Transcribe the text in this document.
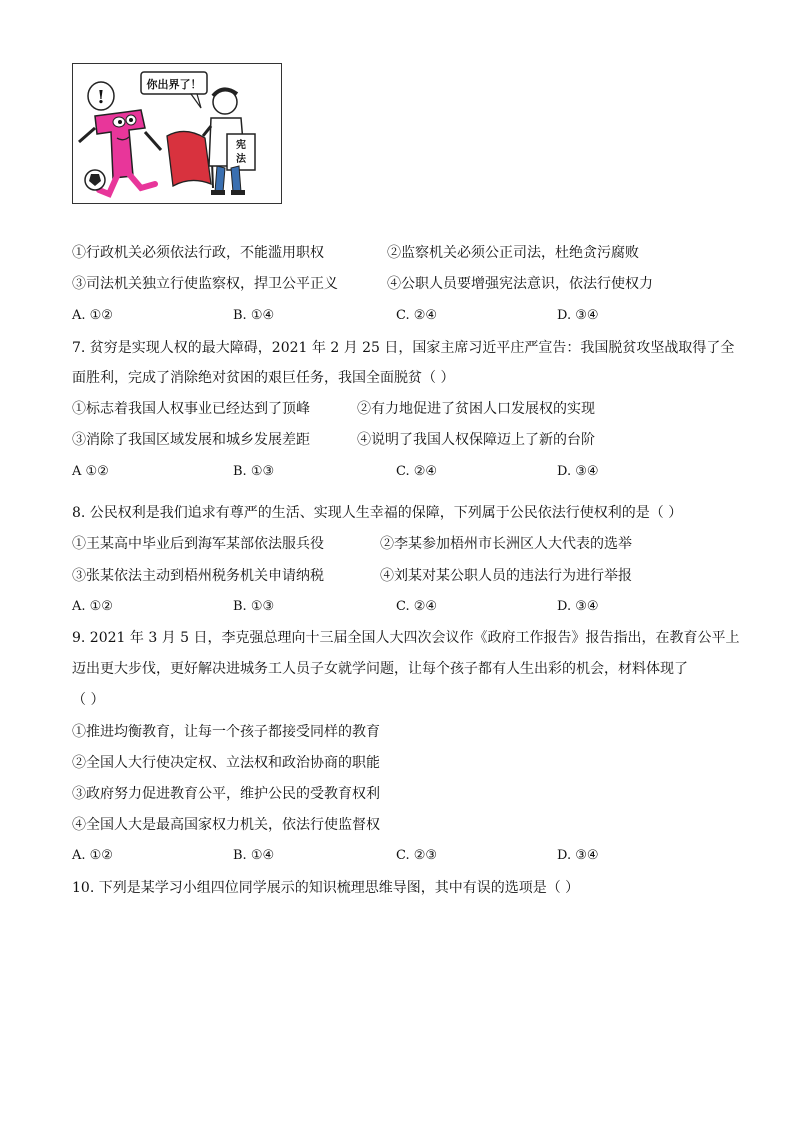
!
你出界了！
宪
法
①行政机关必须依法行政，不能滥用职权	②监察机关必须公正司法，杜绝贪污腐败
③司法机关独立行使监察权，捍卫公平正义	④公职人员要增强宪法意识，依法行使权力
A. ①②	B. ①④	C. ②④	D. ③④
7. 贫穷是实现人权的最大障碍，2021 年 2 月 25 日，国家主席习近平庄严宣告：我国脱贫攻坚战取得了全
面胜利，完成了消除绝对贫困的艰巨任务，我国全面脱贫（ ）
①标志着我国人权事业已经达到了顶峰	②有力地促进了贫困人口发展权的实现
③消除了我国区域发展和城乡发展差距	④说明了我国人权保障迈上了新的台阶
A ①②	B. ①③	C. ②④	D. ③④
8. 公民权利是我们追求有尊严的生活、实现人生幸福的保障，下列属于公民依法行使权利的是（ ）
①王某高中毕业后到海军某部依法服兵役	②李某参加梧州市长洲区人大代表的选举
③张某依法主动到梧州税务机关申请纳税	④刘某对某公职人员的违法行为进行举报
A. ①②	B. ①③	C. ②④	D. ③④
9. 2021 年 3 月 5 日，李克强总理向十三届全国人大四次会议作《政府工作报告》报告指出，在教育公平上
迈出更大步伐，更好解决进城务工人员子女就学问题，让每个孩子都有人生出彩的机会，材料体现了
（ ）
①推进均衡教育，让每一个孩子都接受同样的教育
②全国人大行使决定权、立法权和政治协商的职能
③政府努力促进教育公平，维护公民的受教育权利
④全国人大是最高国家权力机关，依法行使监督权
A. ①②	B. ①④	C. ②③	D. ③④
10. 下列是某学习小组四位同学展示的知识梳理思维导图，其中有误的选项是（ ）
